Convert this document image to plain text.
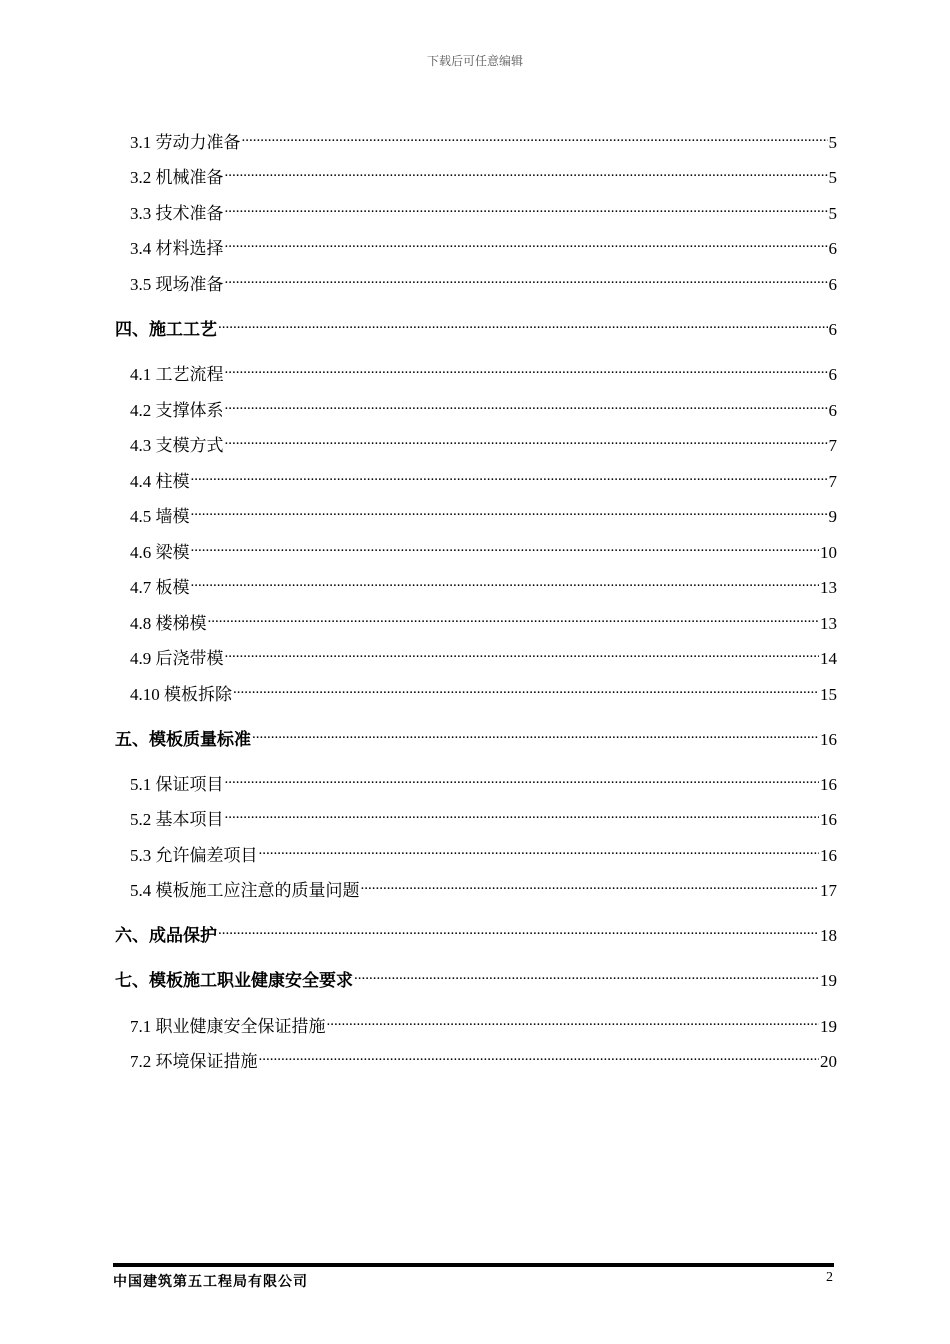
下载后可任意编辑
3.1 劳动力准备 .....	5
3.2 机械准备 .....	5
3.3 技术准备 .....	5
3.4 材料选择 .....	6
3.5 现场准备 .....	6
四、施工工艺 .....	6
4.1 工艺流程 .....	6
4.2 支撑体系 .....	6
4.3 支模方式 .....	7
4.4 柱模 .....	7
4.5 墙模 .....	9
4.6 梁模 .....	10
4.7 板模 .....	13
4.8 楼梯模 .....	13
4.9 后浇带模 .....	14
4.10 模板拆除 .....	15
五、模板质量标准 .....	16
5.1 保证项目 .....	16
5.2 基本项目 .....	16
5.3 允许偏差项目 .....	16
5.4 模板施工应注意的质量问题 .....	17
六、成品保护 .....	18
七、模板施工职业健康安全要求 .....	19
7.1 职业健康安全保证措施 .....	19
7.2 环境保证措施 .....	20
中国建筑第五工程局有限公司	2
